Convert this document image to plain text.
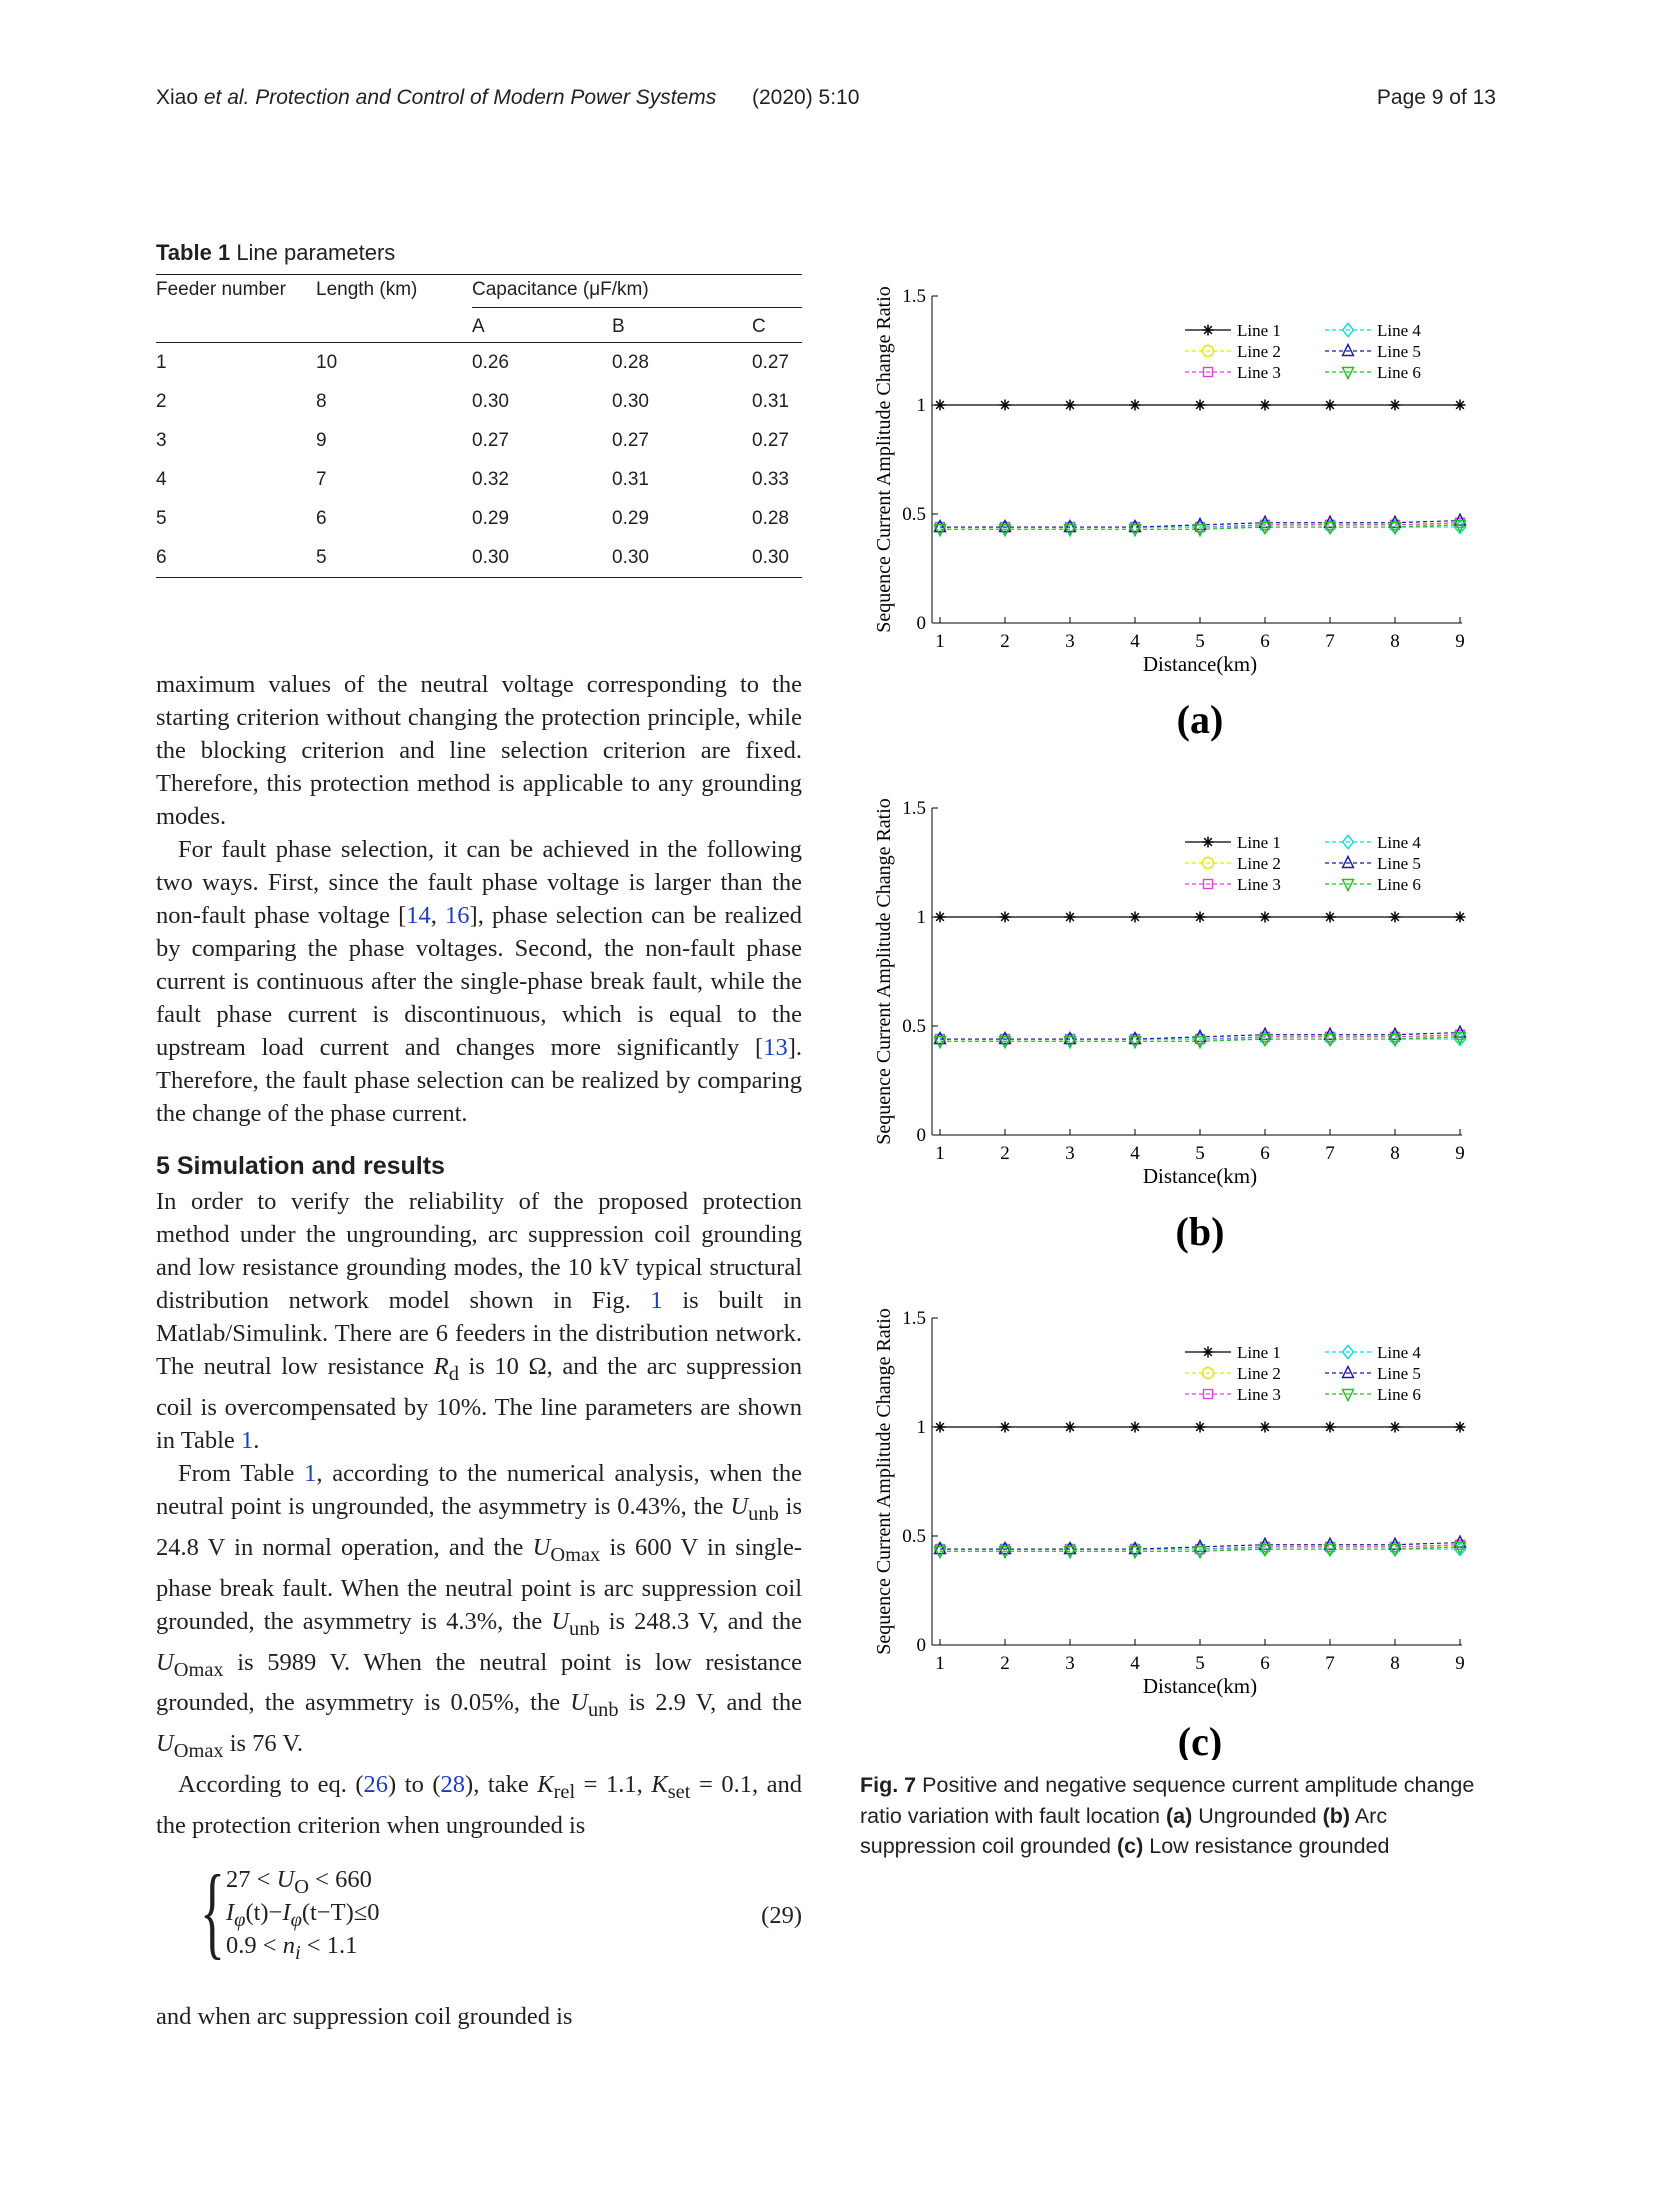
Xiao et al. Protection and Control of Modern Power Systems (2020) 5:10	Page 9 of 13
Table 1 Line parameters
Feeder number	Length (km)	Capacitance (μF/km)		
		A	B	C
1	10	0.26	0.28	0.27
2	8	0.30	0.30	0.31
3	9	0.27	0.27	0.27
4	7	0.32	0.31	0.33
5	6	0.29	0.29	0.28
6	5	0.30	0.30	0.30

maximum values of the neutral voltage corresponding to the starting criterion without changing the protection principle, while the blocking criterion and line selection criterion are fixed. Therefore, this protection method is applicable to any grounding modes.

For fault phase selection, it can be achieved in the following two ways. First, since the fault phase voltage is larger than the non-fault phase voltage [14, 16], phase selection can be realized by comparing the phase voltages. Second, the non-fault phase current is continuous after the single-phase break fault, while the fault phase current is discontinuous, which is equal to the upstream load current and changes more significantly [13]. Therefore, the fault phase selection can be realized by comparing the change of the phase current.

5 Simulation and results

In order to verify the reliability of the proposed protection method under the ungrounding, arc suppression coil grounding and low resistance grounding modes, the 10 kV typical structural distribution network model shown in Fig. 1 is built in Matlab/Simulink. There are 6 feeders in the distribution network. The neutral low resistance $R_d$ is 10 Ω, and the arc suppression coil is overcompensated by 10%. The line parameters are shown in Table 1.

From Table 1, according to the numerical analysis, when the neutral point is ungrounded, the asymmetry is 0.43%, the $U_{unb}$ is 24.8 V in normal operation, and the $U_{Omax}$ is 600 V in single-phase break fault. When the neutral point is arc suppression coil grounded, the asymmetry is 4.3%, the $U_{unb}$ is 248.3 V, and the $U_{Omax}$ is 5989 V. When the neutral point is low resistance grounded, the asymmetry is 0.05%, the $U_{unb}$ is 2.9 V, and the $U_{Omax}$ is 76 V.

According to eq. (26) to (28), take $K_{rel} = 1.1$, $K_{set} = 0.1$, and the protection criterion when ungrounded is

{ $27 < U_O < 660$
$I_\varphi(t)-I_\varphi(t-T)\le 0$
$0.9 < n_i < 1.1$
(29)
and when arc suppression coil grounded is
0
0.5
1
1.5
1	2	3	4	5	6	7	8	9
Distance(km)
Sequence Current Amplitude Change Ratio	Line 1
Line 2
Line 3
Line 4
Line 5
Line 6
(a)
0
0.5
1
1.5
1	2	3	4	5	6	7	8	9
Distance(km)
Sequence Current Amplitude Change Ratio	Line 1
Line 2
Line 3
Line 4
Line 5
Line 6
(b)
0
0.5
1
1.5
1	2	3	4	5	6	7	8	9
Distance(km)
Sequence Current Amplitude Change Ratio	Line 1
Line 2
Line 3
Line 4
Line 5
Line 6
(c)
Fig. 7 Positive and negative sequence current amplitude change ratio variation with fault location (a) Ungrounded (b) Arc suppression coil grounded (c) Low resistance grounded
